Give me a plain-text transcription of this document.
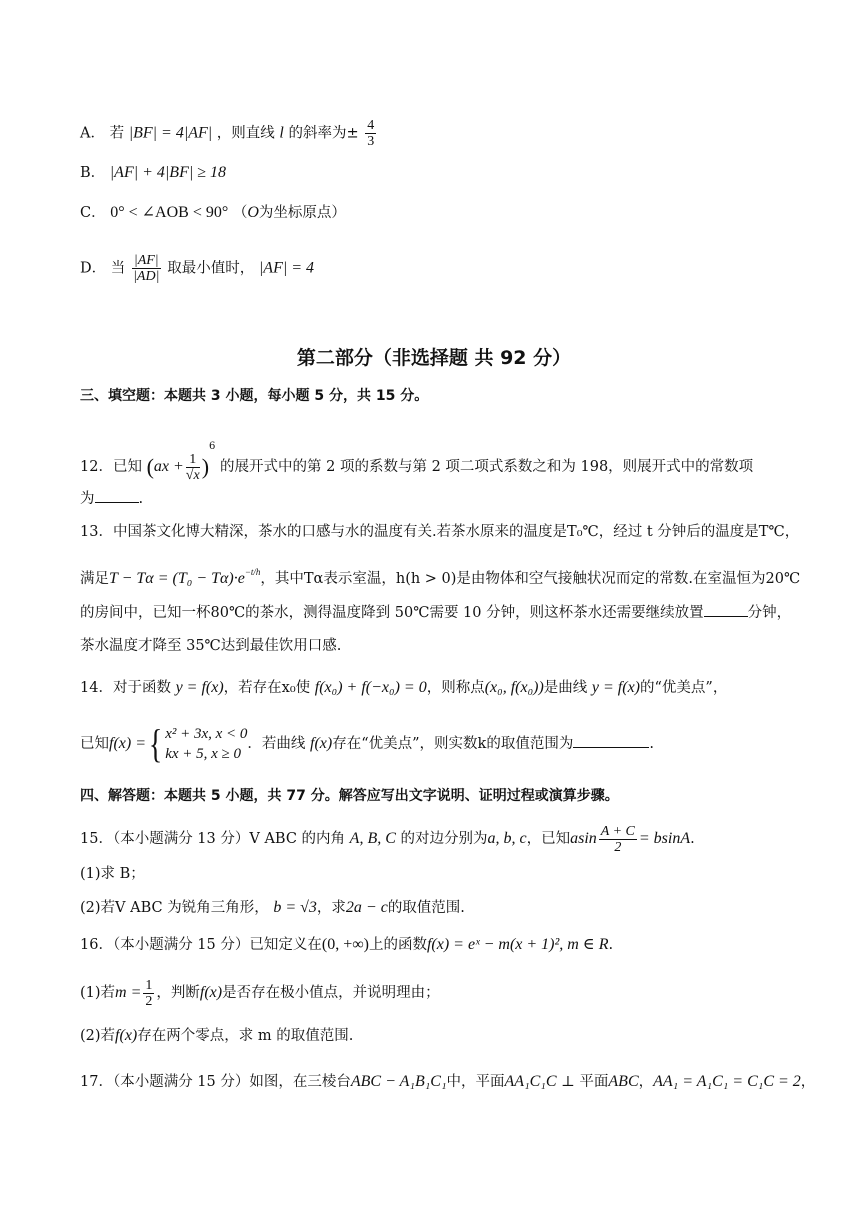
A． 若 |BF| = 4|AF| ，则直线 l 的斜率为± $\frac{4}{3}$
B． |AF| + 4|BF| ≥ 18
C． 0° < ∠AOB < 90° （O为坐标原点）
D． 当 $\frac{|AF|}{|AD|}$ 取最小值时， |AF| = 4
第二部分（非选择题 共 92 分）
三、填空题：本题共 3 小题，每小题 5 分，共 15 分。
12．已知 $(ax + \frac{1}{√x} )^6$ 的展开式中的第 2 项的系数与第 2 项二项式系数之和为 198，则展开式中的常数项
为	.
13．中国茶文化博大精深，茶水的口感与水的温度有关.若茶水原来的温度是T₀℃，经过 t 分钟后的温度是T℃，
满足$T - T\alpha = (T_0 - T\alpha)\cdot e^{-t/h}$，其中Tα表示室温，h(h > 0)是由物体和空气接触状况而定的常数.在室温恒为20℃
的房间中，已知一杯80℃的茶水，测得温度降到 50℃需要 10 分钟，则这杯茶水还需要继续放置	分钟，
茶水温度才降至 35℃达到最佳饮用口感.
14．对于函数 y = f(x)，若存在x₀使 f(x₀) + f(−x₀) = 0，则称点(x₀, f(x₀))是曲线 y = f(x)的“优美点”，
已知f(x) ={ x² + 3x, x < 0
kx + 5, x ≥ 0
．若曲线 f(x)存在“优美点”，则实数k的取值范围为	.
四、解答题：本题共 5 小题，共 77 分。解答应写出文字说明、证明过程或演算步骤。
15．（本小题满分 13 分）V ABC 的内角 A, B, C 的对边分别为a, b, c，已知asin $\frac{A + C}{2} = bsinA$.
(1)求 B；
(2)若V ABC 为锐角三角形， b = √3，求2a − c的取值范围.
16．（本小题满分 15 分）已知定义在(0, +∞)上的函数f(x) = eˣ − m(x + 1)², m ∈ R.
(1)若$m = \frac{1}{2}$ ，判断f(x)是否存在极小值点，并说明理由；
(2)若f(x)存在两个零点，求 m 的取值范围.
17．（本小题满分 15 分）如图，在三棱台ABC − A₁B₁C₁中，平面AA₁C₁C ⊥ 平面ABC，AA₁ = A₁C₁ = C₁C = 2，
